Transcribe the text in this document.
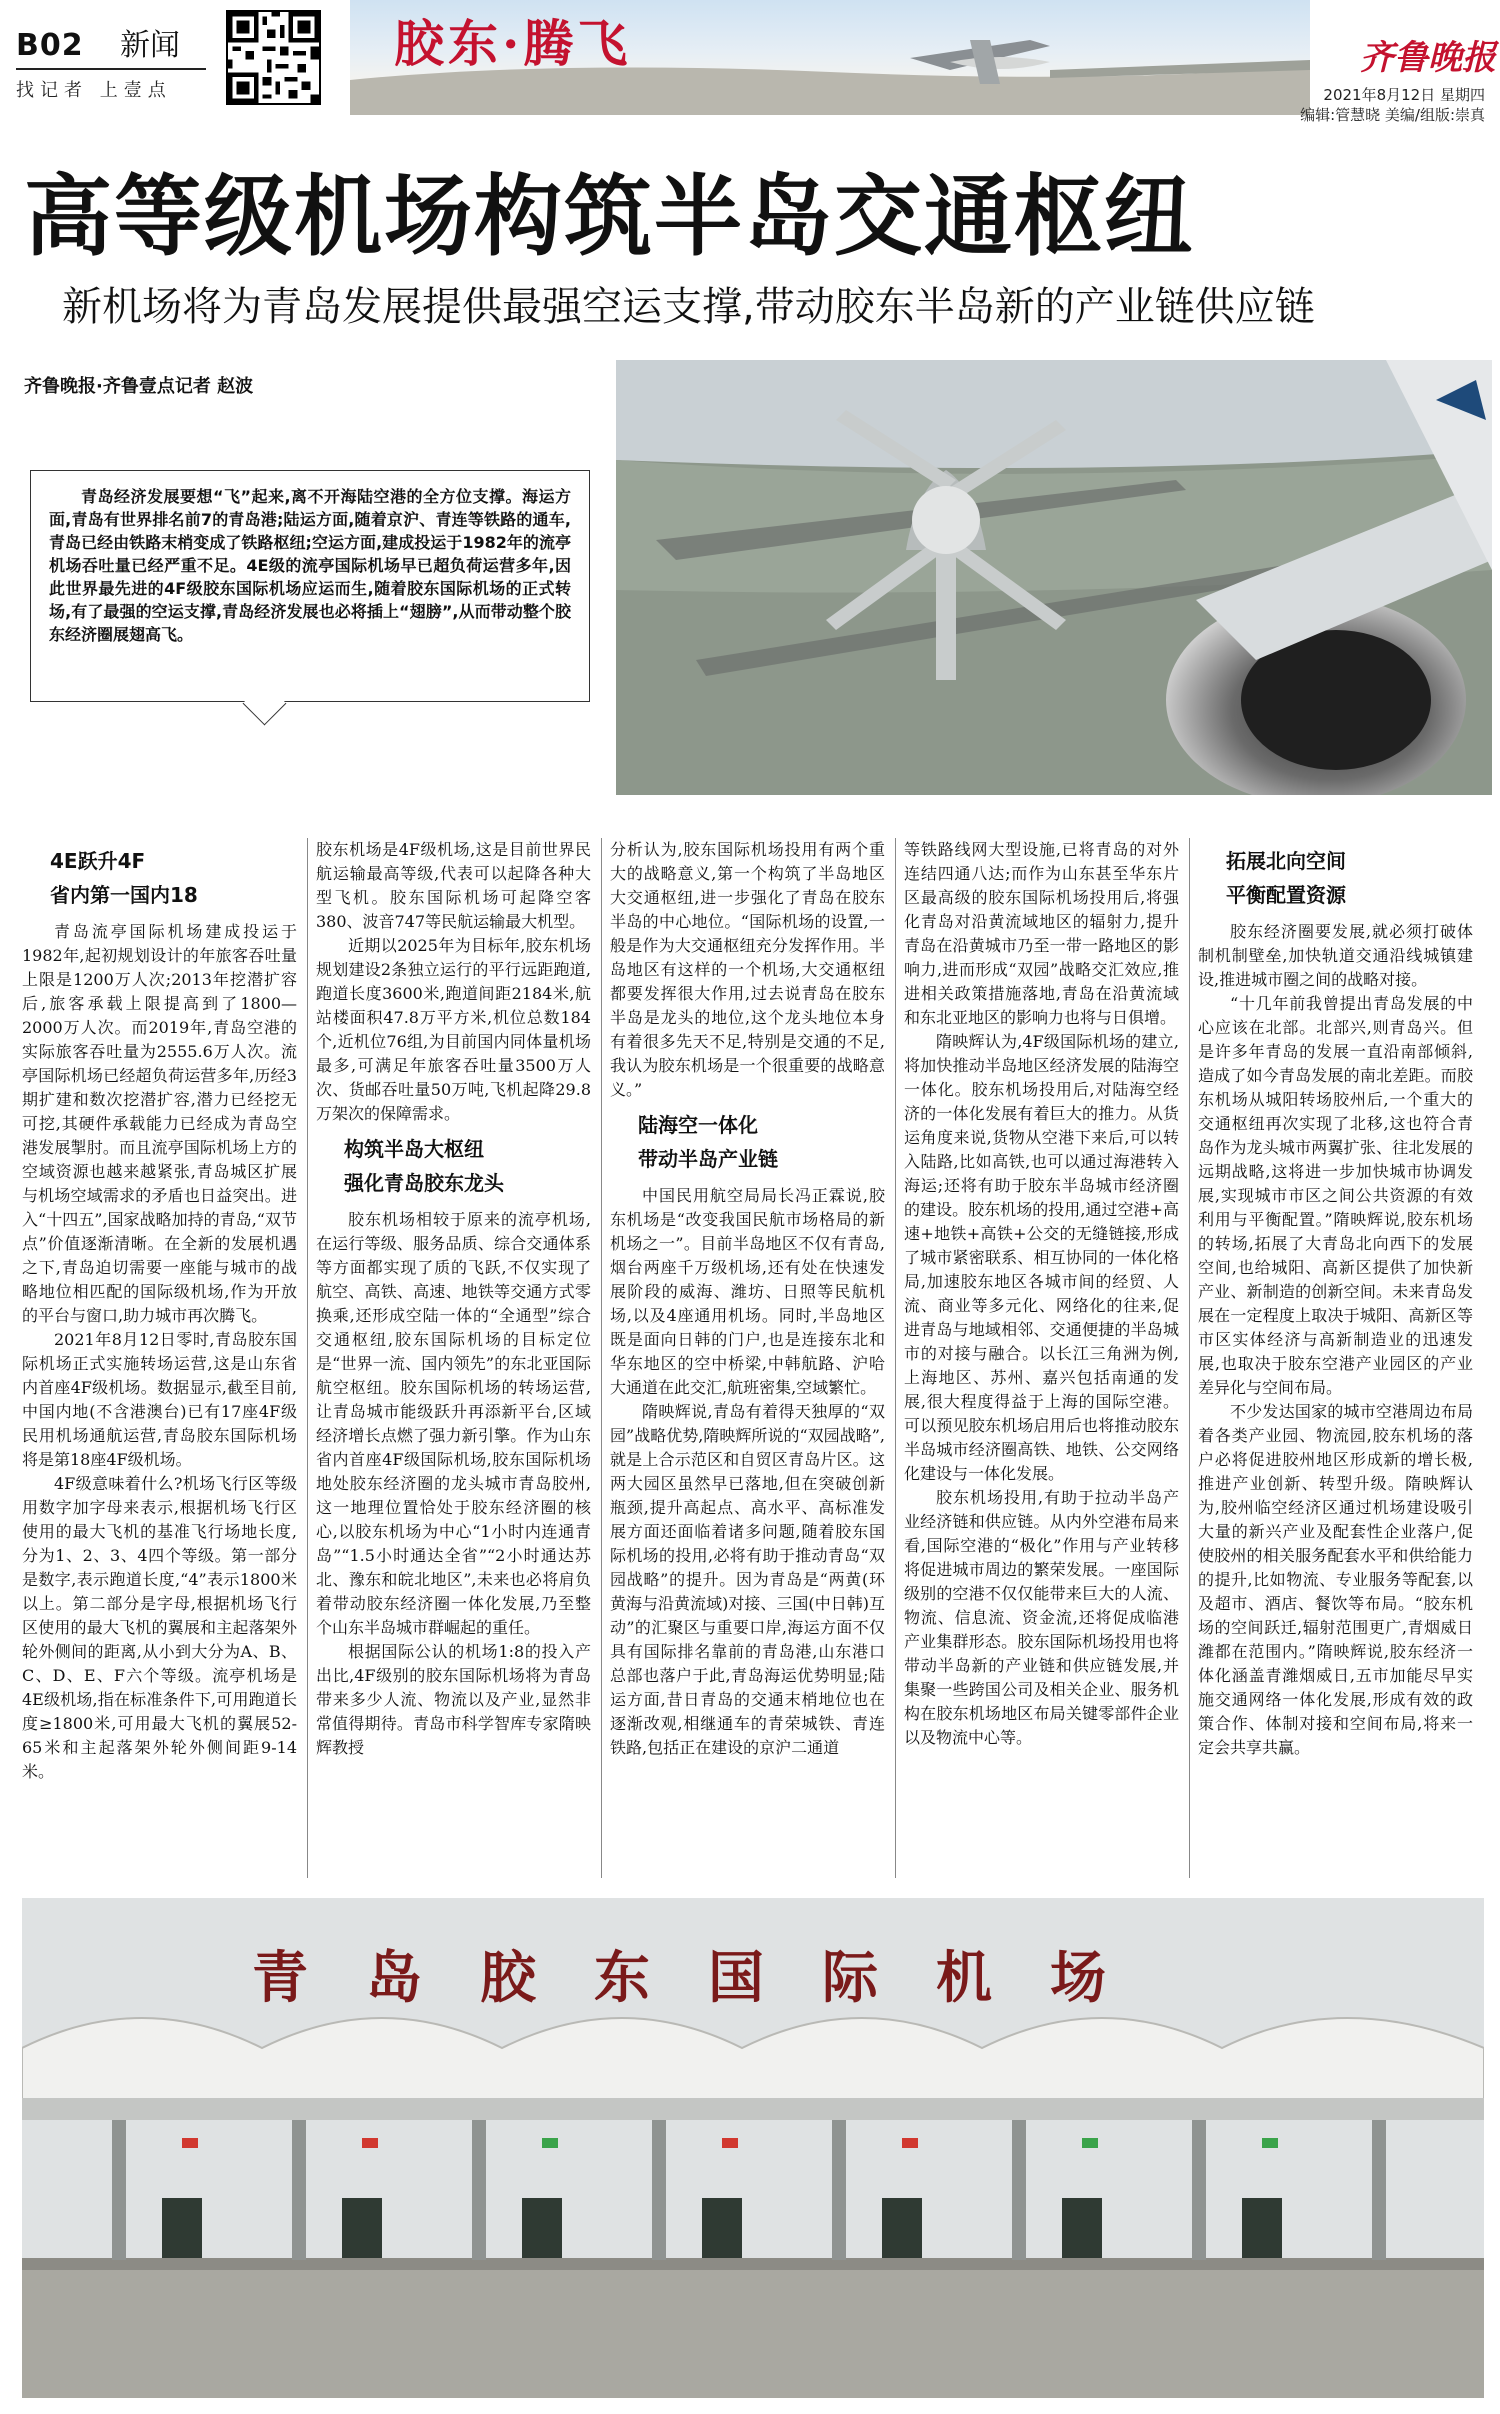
B02 新闻
找记者 上壹点
胶东·腾飞	齐鲁晚报
2021年8月12日 星期四
编辑:管慧晓 美编/组版:崇真
高等级机场构筑半岛交通枢纽
新机场将为青岛发展提供最强空运支撑,带动胶东半岛新的产业链供应链
齐鲁晚报·齐鲁壹点记者 赵波

青岛经济发展要想“飞”起来,离不开海陆空港的全方位支撑。海运方面,青岛有世界排名前7的青岛港;陆运方面,随着京沪、青连等铁路的通车,青岛已经由铁路末梢变成了铁路枢纽;空运方面,建成投运于1982年的流亭机场吞吐量已经严重不足。4E级的流亭国际机场早已超负荷运营多年,因此世界最先进的4F级胶东国际机场应运而生,随着胶东国际机场的正式转场,有了最强的空运支撑,青岛经济发展也必将插上“翅膀”,从而带动整个胶东经济圈展翅高飞。

4E跃升4F
省内第一国内18

青岛流亭国际机场建成投运于1982年,起初规划设计的年旅客吞吐量上限是1200万人次;2013年挖潜扩容后,旅客承载上限提高到了1800—2000万人次。而2019年,青岛空港的实际旅客吞吐量为2555.6万人次。流亭国际机场已经超负荷运营多年,历经3期扩建和数次挖潜扩容,潜力已经挖无可挖,其硬件承载能力已经成为青岛空港发展掣肘。而且流亭国际机场上方的空域资源也越来越紧张,青岛城区扩展与机场空域需求的矛盾也日益突出。进入“十四五”,国家战略加持的青岛,“双节点”价值逐渐清晰。在全新的发展机遇之下,青岛迫切需要一座能与城市的战略地位相匹配的国际级机场,作为开放的平台与窗口,助力城市再次腾飞。

2021年8月12日零时,青岛胶东国际机场正式实施转场运营,这是山东省内首座4F级机场。数据显示,截至目前,中国内地(不含港澳台)已有17座4F级民用机场通航运营,青岛胶东国际机场将是第18座4F级机场。

4F级意味着什么?机场飞行区等级用数字加字母来表示,根据机场飞行区使用的最大飞机的基准飞行场地长度,分为1、2、3、4四个等级。第一部分是数字,表示跑道长度,“4”表示1800米以上。第二部分是字母,根据机场飞行区使用的最大飞机的翼展和主起落架外轮外侧间的距离,从小到大分为A、B、C、D、E、F六个等级。流亭机场是4E级机场,指在标准条件下,可用跑道长度≥1800米,可用最大飞机的翼展52-65米和主起落架外轮外侧间距9-14米。

胶东机场是4F级机场,这是目前世界民航运输最高等级,代表可以起降各种大型飞机。胶东国际机场可起降空客380、波音747等民航运输最大机型。

近期以2025年为目标年,胶东机场规划建设2条独立运行的平行远距跑道,跑道长度3600米,跑道间距2184米,航站楼面积47.8万平方米,机位总数184个,近机位76组,为目前国内同体量机场最多,可满足年旅客吞吐量3500万人次、货邮吞吐量50万吨,飞机起降29.8万架次的保障需求。

构筑半岛大枢纽
强化青岛胶东龙头

胶东机场相较于原来的流亭机场,在运行等级、服务品质、综合交通体系等方面都实现了质的飞跃,不仅实现了航空、高铁、高速、地铁等交通方式零换乘,还形成空陆一体的“全通型”综合交通枢纽,胶东国际机场的目标定位是“世界一流、国内领先”的东北亚国际航空枢纽。胶东国际机场的转场运营,让青岛城市能级跃升再添新平台,区域经济增长点燃了强力新引擎。作为山东省内首座4F级国际机场,胶东国际机场地处胶东经济圈的龙头城市青岛胶州,这一地理位置恰处于胶东经济圈的核心,以胶东机场为中心“1小时内连通青岛”“1.5小时通达全省”“2小时通达苏北、豫东和皖北地区”,未来也必将肩负着带动胶东经济圈一体化发展,乃至整个山东半岛城市群崛起的重任。

根据国际公认的机场1:8的投入产出比,4F级别的胶东国际机场将为青岛带来多少人流、物流以及产业,显然非常值得期待。青岛市科学智库专家隋映辉教授

分析认为,胶东国际机场投用有两个重大的战略意义,第一个构筑了半岛地区大交通枢纽,进一步强化了青岛在胶东半岛的中心地位。“国际机场的设置,一般是作为大交通枢纽充分发挥作用。半岛地区有这样的一个机场,大交通枢纽都要发挥很大作用,过去说青岛在胶东半岛是龙头的地位,这个龙头地位本身有着很多先天不足,特别是交通的不足,我认为胶东机场是一个很重要的战略意义。”

陆海空一体化
带动半岛产业链

中国民用航空局局长冯正霖说,胶东机场是“改变我国民航市场格局的新机场之一”。目前半岛地区不仅有青岛,烟台两座千万级机场,还有处在快速发展阶段的威海、潍坊、日照等民航机场,以及4座通用机场。同时,半岛地区既是面向日韩的门户,也是连接东北和华东地区的空中桥梁,中韩航路、沪哈大通道在此交汇,航班密集,空域繁忙。

隋映辉说,青岛有着得天独厚的“双园”战略优势,隋映辉所说的“双园战略”,就是上合示范区和自贸区青岛片区。这两大园区虽然早已落地,但在突破创新瓶颈,提升高起点、高水平、高标准发展方面还面临着诸多问题,随着胶东国际机场的投用,必将有助于推动青岛“双园战略”的提升。因为青岛是“两黄(环黄海与沿黄流域)对接、三国(中日韩)互动”的汇聚区与重要口岸,海运方面不仅具有国际排名靠前的青岛港,山东港口总部也落户于此,青岛海运优势明显;陆运方面,昔日青岛的交通末梢地位也在逐渐改观,相继通车的青荣城铁、青连铁路,包括正在建设的京沪二通道

等铁路线网大型设施,已将青岛的对外连结四通八达;而作为山东甚至华东片区最高级的胶东国际机场投用后,将强化青岛对沿黄流域地区的辐射力,提升青岛在沿黄城市乃至一带一路地区的影响力,进而形成“双园”战略交汇效应,推进相关政策措施落地,青岛在沿黄流域和东北亚地区的影响力也将与日俱增。

隋映辉认为,4F级国际机场的建立,将加快推动半岛地区经济发展的陆海空一体化。胶东机场投用后,对陆海空经济的一体化发展有着巨大的推力。从货运角度来说,货物从空港下来后,可以转入陆路,比如高铁,也可以通过海港转入海运;还将有助于胶东半岛城市经济圈的建设。胶东机场的投用,通过空港+高速+地铁+高铁+公交的无缝链接,形成了城市紧密联系、相互协同的一体化格局,加速胶东地区各城市间的经贸、人流、商业等多元化、网络化的往来,促进青岛与地域相邻、交通便捷的半岛城市的对接与融合。以长江三角洲为例,上海地区、苏州、嘉兴包括南通的发展,很大程度得益于上海的国际空港。可以预见胶东机场启用后也将推动胶东半岛城市经济圈高铁、地铁、公交网络化建设与一体化发展。

胶东机场投用,有助于拉动半岛产业经济链和供应链。从内外空港布局来看,国际空港的“极化”作用与产业转移将促进城市周边的繁荣发展。一座国际级别的空港不仅仅能带来巨大的人流、物流、信息流、资金流,还将促成临港产业集群形态。胶东国际机场投用也将带动半岛新的产业链和供应链发展,并集聚一些跨国公司及相关企业、服务机构在胶东机场地区布局关键零部件企业以及物流中心等。

拓展北向空间
平衡配置资源

胶东经济圈要发展,就必须打破体制机制壁垒,加快轨道交通沿线城镇建设,推进城市圈之间的战略对接。

“十几年前我曾提出青岛发展的中心应该在北部。北部兴,则青岛兴。但是许多年青岛的发展一直沿南部倾斜,造成了如今青岛发展的南北差距。而胶东机场从城阳转场胶州后,一个重大的交通枢纽再次实现了北移,这也符合青岛作为龙头城市两翼扩张、往北发展的远期战略,这将进一步加快城市协调发展,实现城市市区之间公共资源的有效利用与平衡配置。”隋映辉说,胶东机场的转场,拓展了大青岛北向西下的发展空间,也给城阳、高新区提供了加快新产业、新制造的创新空间。未来青岛发展在一定程度上取决于城阳、高新区等市区实体经济与高新制造业的迅速发展,也取决于胶东空港产业园区的产业差异化与空间布局。

不少发达国家的城市空港周边布局着各类产业园、物流园,胶东机场的落户必将促进胶州地区形成新的增长极,推进产业创新、转型升级。隋映辉认为,胶州临空经济区通过机场建设吸引大量的新兴产业及配套性企业落户,促使胶州的相关服务配套水平和供给能力的提升,比如物流、专业服务等配套,以及超市、酒店、餐饮等布局。“胶东机场的空间跃迁,辐射范围更广,青烟威日潍都在范围内。”隋映辉说,胶东经济一体化涵盖青潍烟威日,五市加能尽早实施交通网络一体化发展,形成有效的政策合作、体制对接和空间布局,将来一定会共享共赢。

青岛胶东国际机场
